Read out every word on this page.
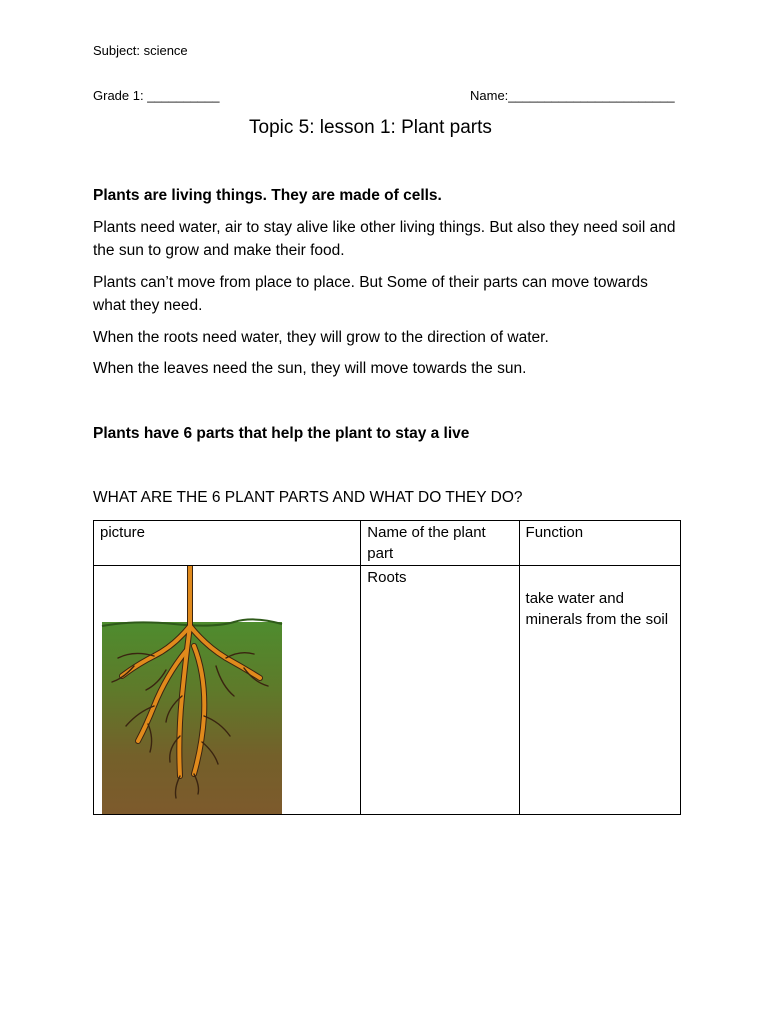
Subject: science
Grade 1: __________	Name:_______________________
Topic 5: lesson 1: Plant parts
Plants are living things. They are made of cells.
Plants need water, air to stay alive like other living things. But also they need soil and the sun to grow and make their food.
Plants can’t move from place to place. But Some of their parts can move towards what they need.
When the roots need water, they will grow to the direction of water.
When the leaves need the sun, they will move towards the sun.
Plants have 6 parts that help the plant to stay a live
WHAT ARE THE 6 PLANT PARTS AND WHAT DO THEY DO?
picture	Name of the plant part	Function

	Roots	take water and minerals from the soil
